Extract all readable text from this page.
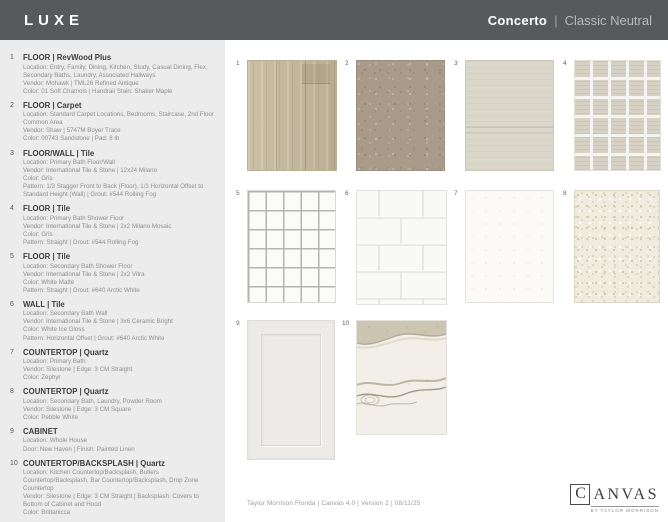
LUXE	Concerto | Classic Neutral
1	FLOOR | RevWood Plus

Location: Entry, Family, Dining, Kitchen, Study, Casual Dining, Flex, Secondary Baths, Laundry, Associated Hallways

Vendor: Mohawk | TML26 Refined Antique

Color: 01 Soft Chamois | Handrail Stain: Shaker Maple

2	FLOOR | Carpet

Location: Standard Carpet Locations, Bedrooms, Staircase, 2nd Floor Common Area

Vendor: Shaw | 5747M Boyer Trace

Color: 00743 Sandstone | Pad: 8 lb

3	FLOOR/WALL | Tile

Location: Primary Bath Floor/Wall

Vendor: International Tile & Stone | 12x24 Milano

Color: Gris

Pattern: 1/3 Stagger Front to Back (Floor), 1/3 Horizontal Offset to Standard Height (Wall) | Grout: #544 Rolling Fog

4	FLOOR | Tile

Location: Primary Bath Shower Floor

Vendor: International Tile & Stone | 2x2 Milano Mosaic

Color: Gris

Pattern: Straight | Grout: #544 Rolling Fog

5	FLOOR | Tile

Location: Secondary Bath Shower Floor

Vendor: International Tile & Stone | 2x2 Vitra

Color: White Matte

Pattern: Straight | Grout: #640 Arctic White

6	WALL | Tile

Location: Secondary Bath Wall

Vendor: International Tile & Stone | 3x6 Ceramic Bright

Color: White Ice Gloss

Pattern: Horizontal Offset | Grout: #640 Arctic White

7	COUNTERTOP | Quartz

Location: Primary Bath

Vendor: Silestone | Edge: 3 CM Straight

Color: Zephyr

8	COUNTERTOP | Quartz

Location: Secondary Bath, Laundry, Powder Room

Vendor: Silestone | Edge: 3 CM Square

Color: Pebble White

9	CABINET

Location: Whole House

Door: New Haven | Finish: Painted Linen

10 COUNTERTOP/BACKSPLASH | Quartz

Location: Kitchen Countertop/Backsplash, Butlers Countertop/Backsplash, Bar Countertop/Backsplash, Drop Zone Countertop

Vendor: Silestone | Edge: 3 CM Straight | Backsplash: Covers to Bottom of Cabinet and Hood

Color: Brittanicca

1	2	3	4
5	6	7	8
9	10
Taylor Morrison Florida | Canvas 4.0 | Version 2 | 08/11/25
C ANVAS
BY TAYLOR MORRISON
